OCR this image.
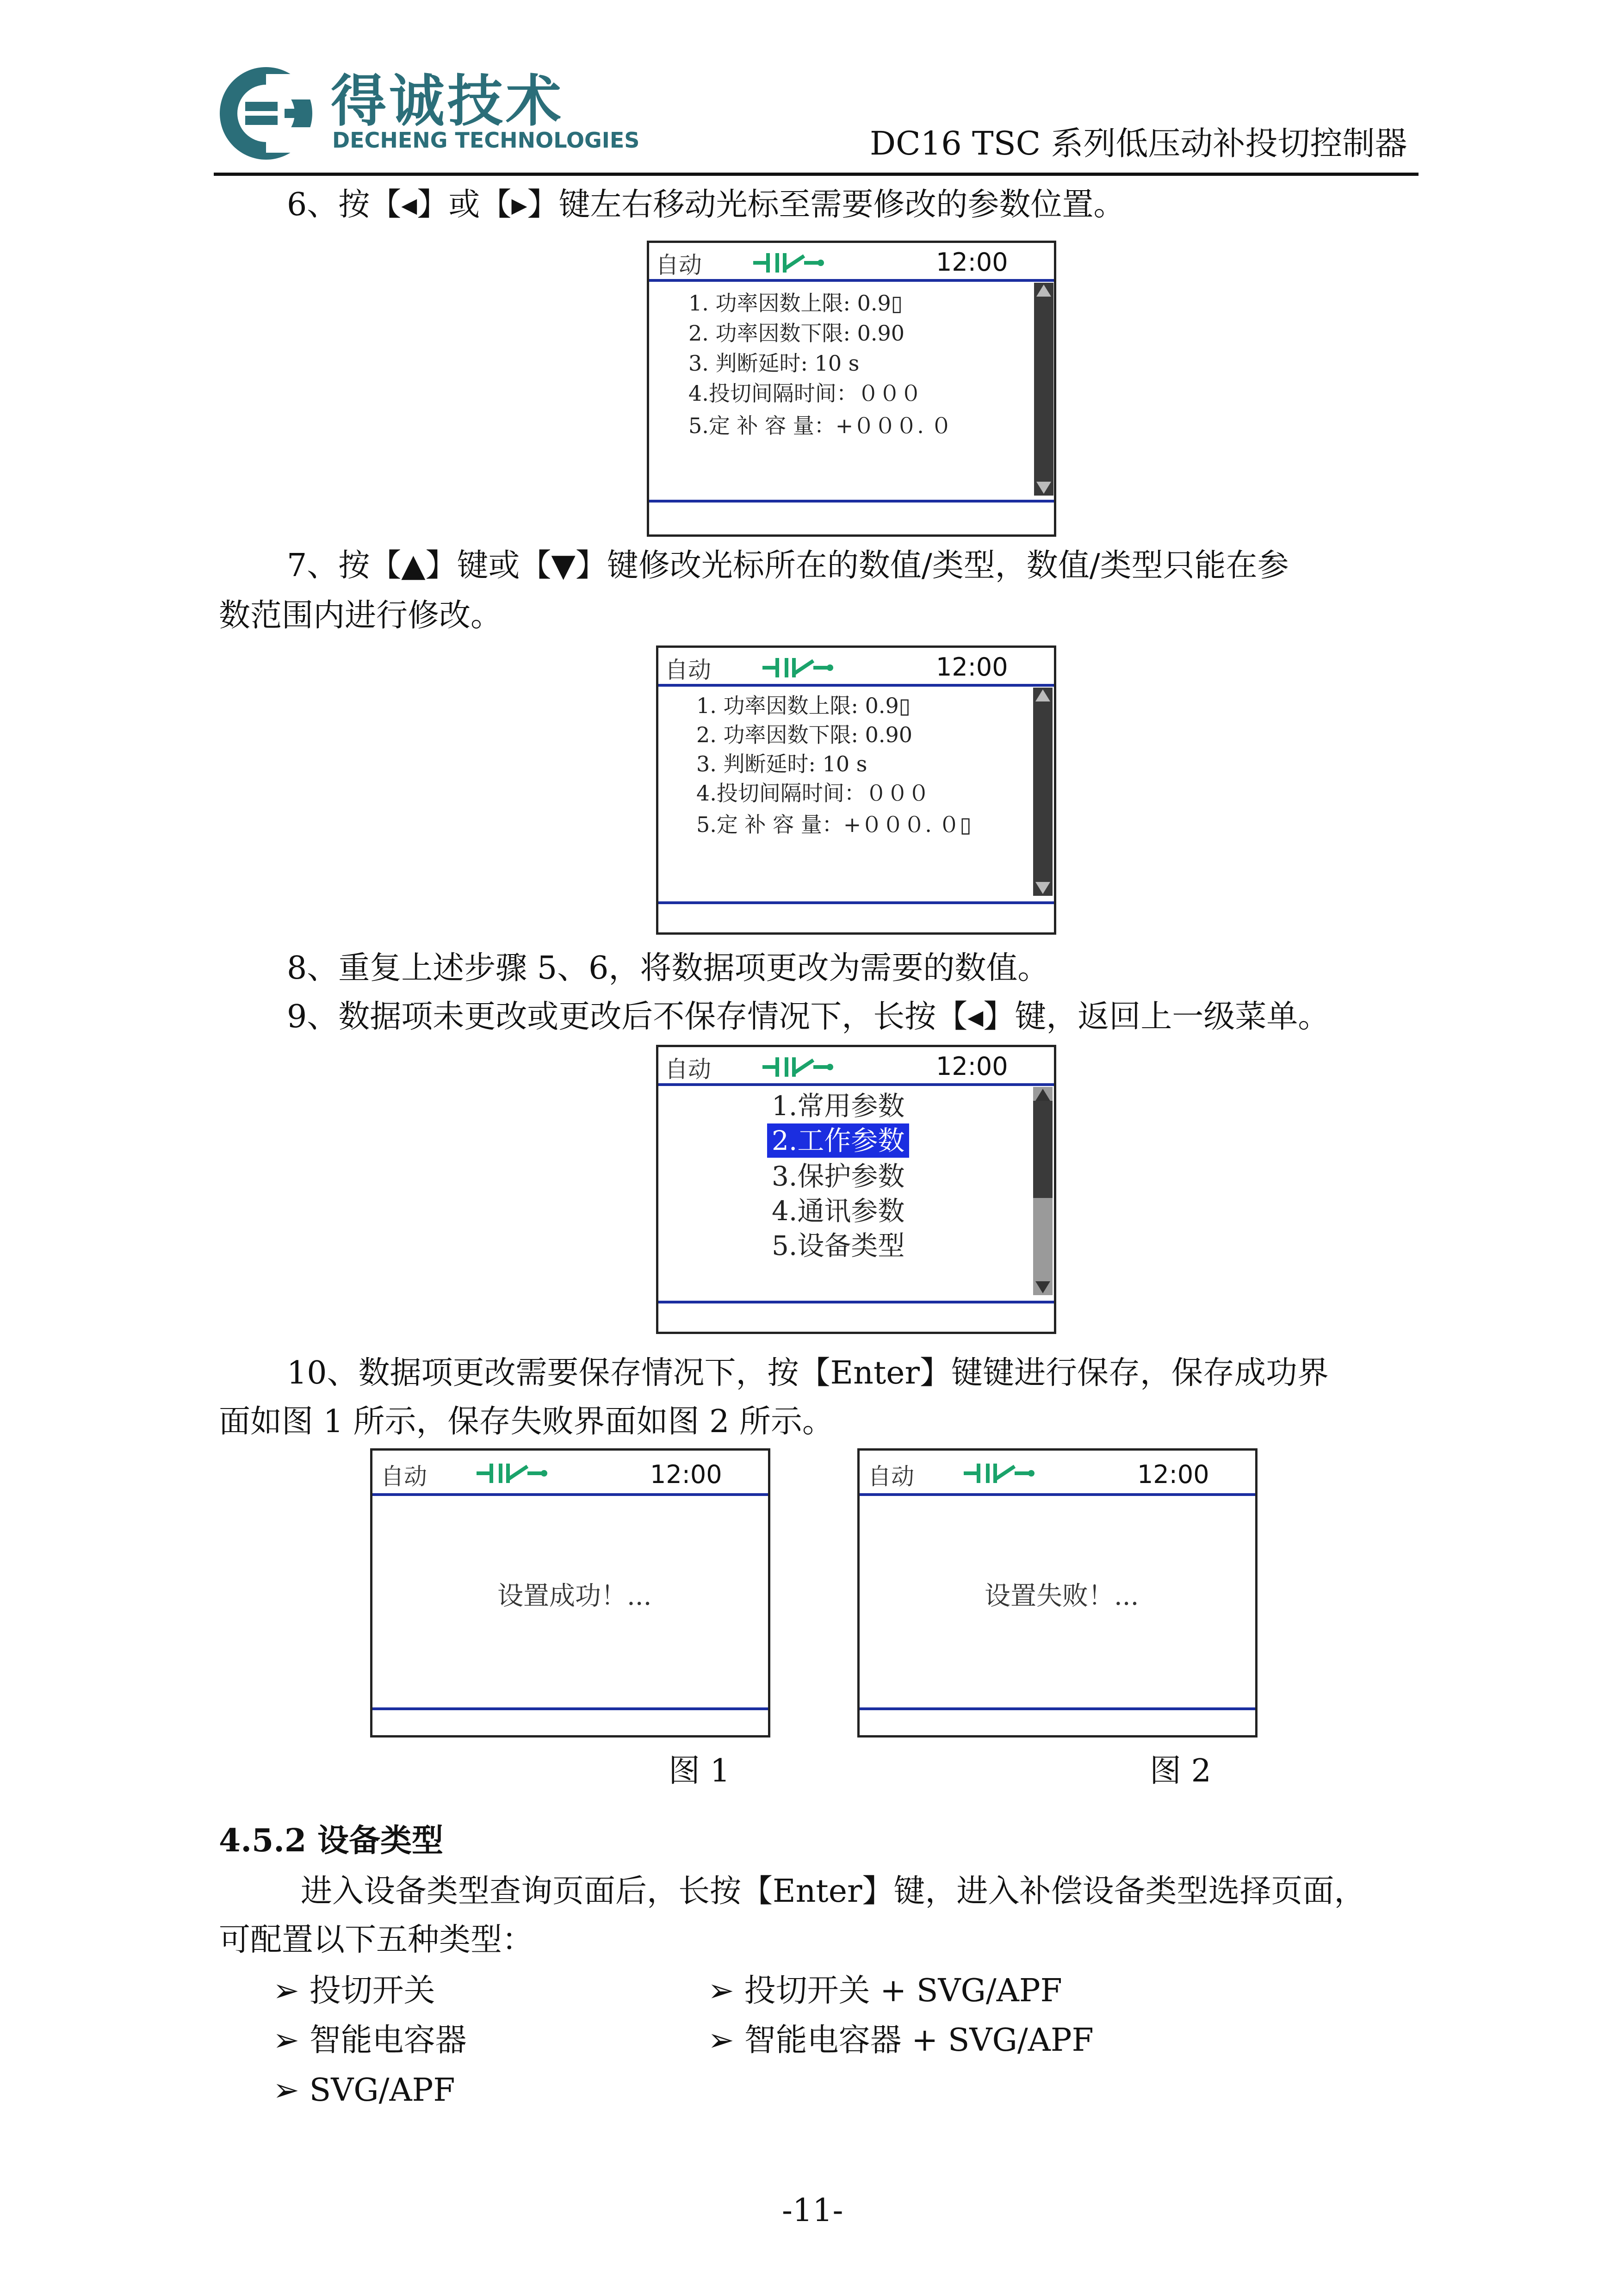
得诚技术
DECHENG TECHNOLOGIES	DC16 TSC 系列低压动补投切控制器
6、按【◂】或【▸】键左右移动光标至需要修改的参数位置。
自动	12:00
1. 功率因数上限: 0.9▯
2. 功率因数下限: 0.90
3. 判断延时: 10 s
4.投切间隔时间：０００
5.定 补 容 量：+０００. ０
7、按【▲】键或【▼】键修改光标所在的数值/类型，数值/类型只能在参
数范围内进行修改。
自动	12:00
1. 功率因数上限: 0.9▯
2. 功率因数下限: 0.90
3. 判断延时: 10 s
4.投切间隔时间：０００
5.定 补 容 量：+０００. ０▯
8、重复上述步骤 5、6，将数据项更改为需要的数值。
9、数据项未更改或更改后不保存情况下，长按【◂】键，返回上一级菜单。
自动	12:00
1.常用参数
2.工作参数
3.保护参数
4.通讯参数
5.设备类型
10、数据项更改需要保存情况下，按【Enter】键键进行保存，保存成功界
面如图 1 所示，保存失败界面如图 2 所示。
自动	12:00
设置成功！...
自动	12:00
设置失败！...
图 1	图 2
4.5.2 设备类型
进入设备类型查询页面后，长按【Enter】键，进入补偿设备类型选择页面，
可配置以下五种类型：
➢ 投切开关	➢ 投切开关 + SVG/APF
➢ 智能电容器	➢ 智能电容器 + SVG/APF
➢ SVG/APF
-11-
